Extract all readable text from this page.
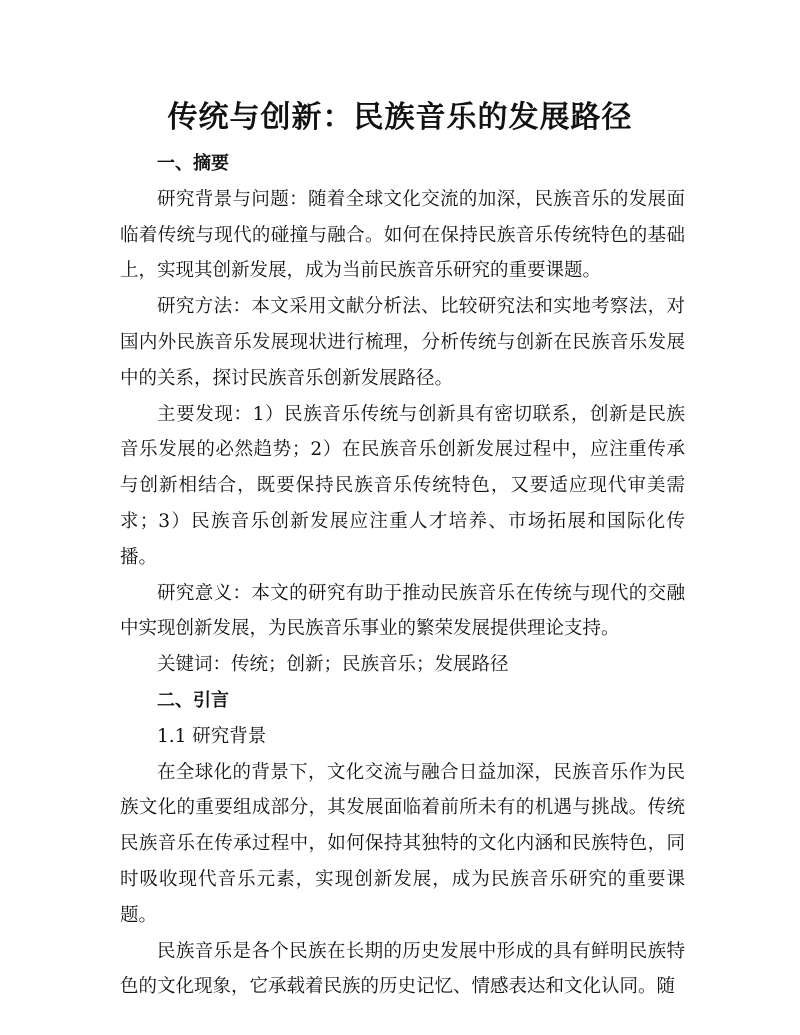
传统与创新：民族音乐的发展路径
一、摘要

研究背景与问题：随着全球文化交流的加深，民族音乐的发展面临着传统与现代的碰撞与融合。如何在保持民族音乐传统特色的基础上，实现其创新发展，成为当前民族音乐研究的重要课题。

研究方法：本文采用文献分析法、比较研究法和实地考察法，对国内外民族音乐发展现状进行梳理，分析传统与创新在民族音乐发展中的关系，探讨民族音乐创新发展路径。

主要发现：1）民族音乐传统与创新具有密切联系，创新是民族音乐发展的必然趋势；2）在民族音乐创新发展过程中，应注重传承与创新相结合，既要保持民族音乐传统特色，又要适应现代审美需求；3）民族音乐创新发展应注重人才培养、市场拓展和国际化传播。

研究意义：本文的研究有助于推动民族音乐在传统与现代的交融中实现创新发展，为民族音乐事业的繁荣发展提供理论支持。

关键词：传统；创新；民族音乐；发展路径

二、引言
1.1 研究背景

在全球化的背景下，文化交流与融合日益加深，民族音乐作为民族文化的重要组成部分，其发展面临着前所未有的机遇与挑战。传统民族音乐在传承过程中，如何保持其独特的文化内涵和民族特色，同时吸收现代音乐元素，实现创新发展，成为民族音乐研究的重要课题。

民族音乐是各个民族在长期的历史发展中形成的具有鲜明民族特色的文化现象，它承载着民族的历史记忆、情感表达和文化认同。随
